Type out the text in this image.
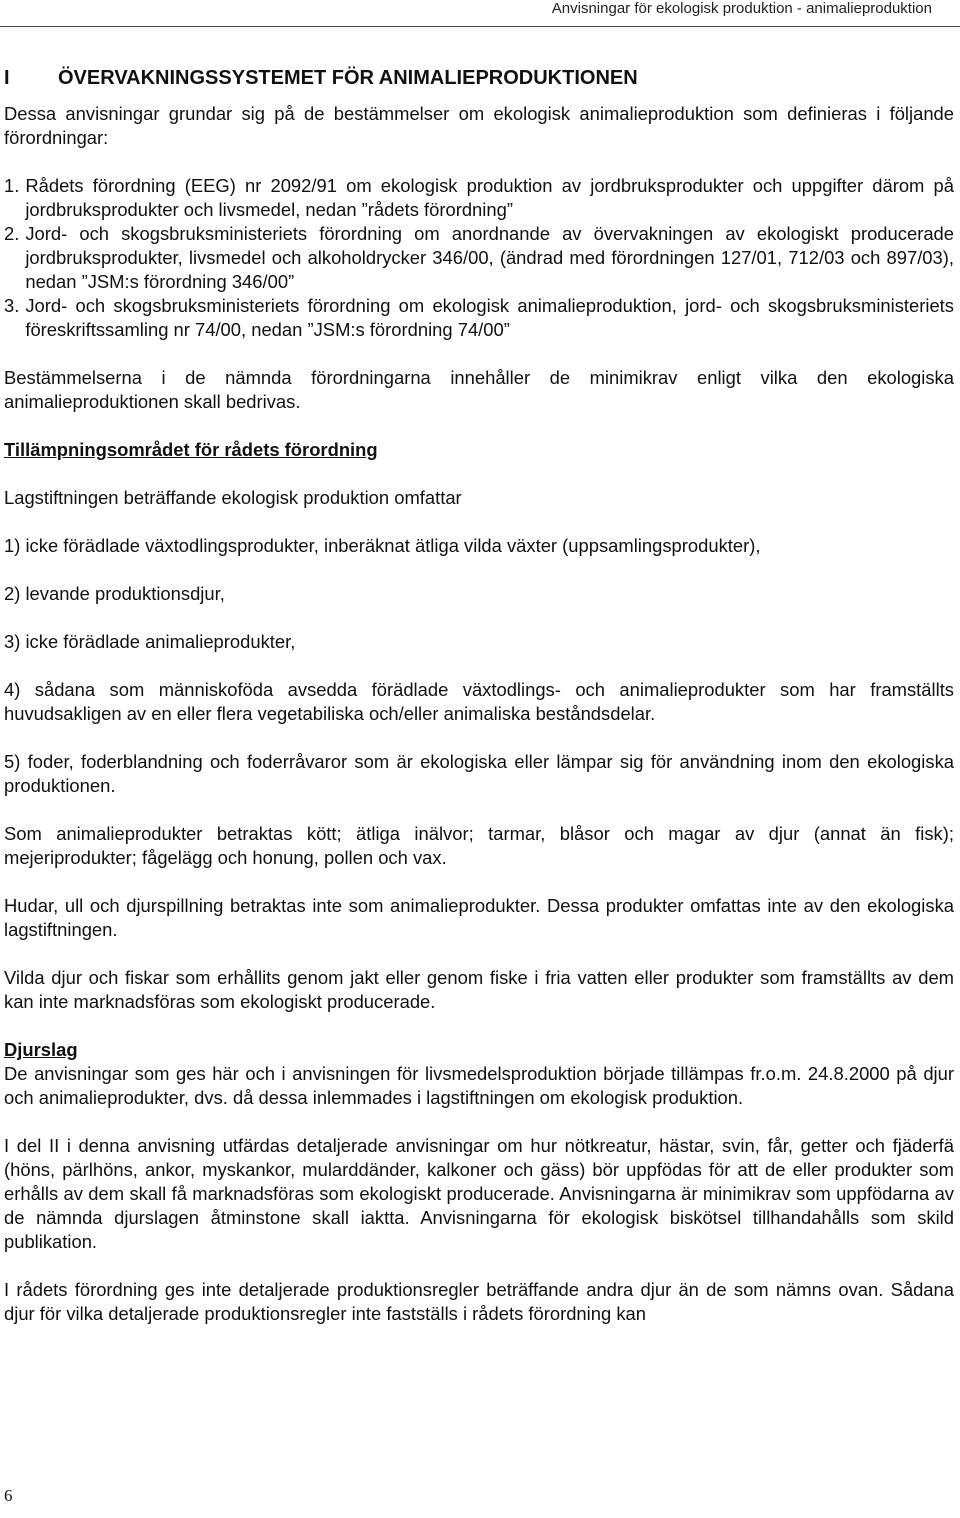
Anvisningar för ekologisk produktion - animalieproduktion
I	ÖVERVAKNINGSSYSTEMET FÖR ANIMALIEPRODUKTIONEN

Dessa anvisningar grundar sig på de bestämmelser om ekologisk animalieproduktion som definieras i följande förordningar:

1. Rådets förordning (EEG) nr 2092/91 om ekologisk produktion av jordbruksprodukter och uppgifter därom på jordbruksprodukter och livsmedel, nedan ”rådets förordning”
2. Jord- och skogsbruksministeriets förordning om anordnande av övervakningen av ekologiskt producerade jordbruksprodukter, livsmedel och alkoholdrycker 346/00, (ändrad med förordningen 127/01, 712/03 och 897/03), nedan ”JSM:s förordning 346/00”
3. Jord- och skogsbruksministeriets förordning om ekologisk animalieproduktion, jord- och skogsbruksministeriets föreskriftssamling nr 74/00, nedan ”JSM:s förordning 74/00”

Bestämmelserna i de nämnda förordningarna innehåller de minimikrav enligt vilka den ekologiska animalieproduktionen skall bedrivas.

Tillämpningsområdet för rådets förordning

Lagstiftningen beträffande ekologisk produktion omfattar

1) icke förädlade växtodlingsprodukter, inberäknat ätliga vilda växter (uppsamlingsprodukter),

2) levande produktionsdjur,

3) icke förädlade animalieprodukter,

4) sådana som människoföda avsedda förädlade växtodlings- och animalieprodukter som har framställts huvudsakligen av en eller flera vegetabiliska och/eller animaliska beståndsdelar.

5) foder, foderblandning och foderråvaror som är ekologiska eller lämpar sig för användning inom den ekologiska produktionen.

Som animalieprodukter betraktas kött; ätliga inälvor; tarmar, blåsor och magar av djur (annat än fisk); mejeriprodukter; fågelägg och honung, pollen och vax.

Hudar, ull och djurspillning betraktas inte som animalieprodukter. Dessa produkter omfattas inte av den ekologiska lagstiftningen.

Vilda djur och fiskar som erhållits genom jakt eller genom fiske i fria vatten eller produkter som framställts av dem kan inte marknadsföras som ekologiskt producerade.

Djurslag

De anvisningar som ges här och i anvisningen för livsmedelsproduktion började tillämpas fr.o.m. 24.8.2000 på djur och animalieprodukter, dvs. då dessa inlemmades i lagstiftningen om ekologisk produktion.

I del II i denna anvisning utfärdas detaljerade anvisningar om hur nötkreatur, hästar, svin, får, getter och fjäderfä (höns, pärlhöns, ankor, myskankor, mularddänder, kalkoner och gäss) bör uppfödas för att de eller produkter som erhålls av dem skall få marknadsföras som ekologiskt producerade. Anvisningarna är minimikrav som uppfödarna av de nämnda djurslagen åtminstone skall iaktta. Anvisningarna för ekologisk biskötsel tillhandahålls som skild publikation.

I rådets förordning ges inte detaljerade produktionsregler beträffande andra djur än de som nämns ovan. Sådana djur för vilka detaljerade produktionsregler inte fastställs i rådets förordning kan

6
